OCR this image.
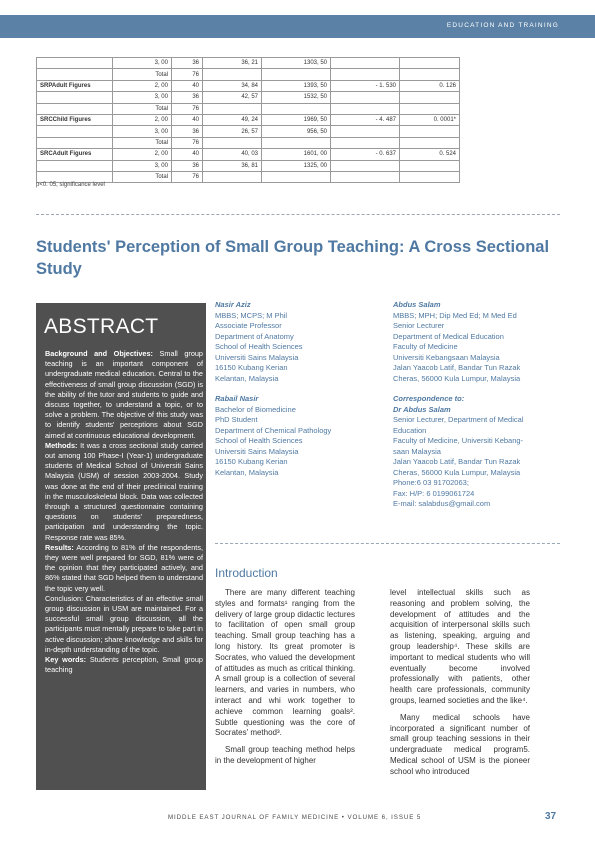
EDUCATION AND TRAINING
	3, 00	36	36, 21	1303, 50		
	Total	76				
SRPAdult Figures	2, 00	40	34, 84	1393, 50	- 1. 530	0. 126
	3, 00	36	42, 57	1532, 50		
	Total	76				
SRCChild Figures	2, 00	40	49, 24	1969, 50	- 4. 487	0. 0001*
	3, 00	36	26, 57	956, 50		
	Total	76				
SRCAdult Figures	2, 00	40	40, 03	1601, 00	- 0. 637	0. 524
	3, 00	36	36, 81	1325, 00		
	Total	76				
p<0. 05, significance level
Students' Perception of Small Group Teaching: A Cross Sectional Study
ABSTRACT

Background and Objectives: Small group teaching is an important component of undergraduate medical education. Central to the effectiveness of small group discussion (SGD) is the ability of the tutor and students to guide and discuss together, to understand a topic, or to solve a problem. The objective of this study was to identify students' perceptions about SGD aimed at continuous educational development.

Methods: It was a cross sectional study carried out among 100 Phase-I (Year-1) undergraduate students of Medical School of Universiti Sains Malaysia (USM) of session 2003-2004. Study was done at the end of their preclinical training in the musculoskeletal block. Data was collected through a structured questionnaire containing questions on students' preparedness, participation and understanding the topic. Response rate was 85%.

Results: According to 81% of the respondents, they were well prepared for SGD, 81% were of the opinion that they participated actively, and 86% stated that SGD helped them to understand the topic very well.

Conclusion: Characteristics of an effective small group discussion in USM are maintained. For a successful small group discussion, all the participants must mentally prepare to take part in active discussion; share knowledge and skills for in-depth understanding of the topic.

Key words: Students perception, Small group teaching

Nasir Aziz
MBBS; MCPS; M Phil
Associate Professor
Department of Anatomy
School of Health Sciences
Universiti Sains Malaysia
16150 Kubang Kerian
Kelantan, Malaysia
Rabail Nasir
Bachelor of Biomedicine
PhD Student
Department of Chemical Pathology
School of Health Sciences
Universiti Sains Malaysia
16150 Kubang Kerian
Kelantan, Malaysia
Abdus Salam
MBBS; MPH; Dip Med Ed; M Med Ed
Senior Lecturer
Department of Medical Education
Faculty of Medicine
Universiti Kebangsaan Malaysia
Jalan Yaacob Latif, Bandar Tun Razak
Cheras, 56000 Kula Lumpur, Malaysia
Correspondence to:
Dr Abdus Salam
Senior Lecturer, Department of Medical
Education
Faculty of Medicine, Universiti Kebang-
saan Malaysia
Jalan Yaacob Latif, Bandar Tun Razak
Cheras, 56000 Kula Lumpur, Malaysia
Phone:6 03 91702063;
Fax: H/P: 6 0199061724
E-mail: salabdus@gmail.com
Introduction

There are many different teaching styles and formats¹ ranging from the delivery of large group didactic lectures to facilitation of open small group teaching. Small group teaching has a long history. Its great promoter is Socrates, who valued the development of attitudes as much as critical thinking. A small group is a collection of several learners, and varies in numbers, who interact and whi work together to achieve common learning goals². Subtle questioning was the core of Socrates' method³.

Small group teaching method helps in the development of higher

level intellectual skills such as reasoning and problem solving, the development of attitudes and the acquisition of interpersonal skills such as listening, speaking, arguing and group leadership⁴. These skills are important to medical students who will eventually become involved professionally with patients, other health care professionals, community groups, learned societies and the like⁴.

Many medical schools have incorporated a significant number of small group teaching sessions in their undergraduate medical program5. Medical school of USM is the pioneer school who introduced

MIDDLE EAST JOURNAL OF FAMILY MEDICINE • VOLUME 6, ISSUE 5	37
